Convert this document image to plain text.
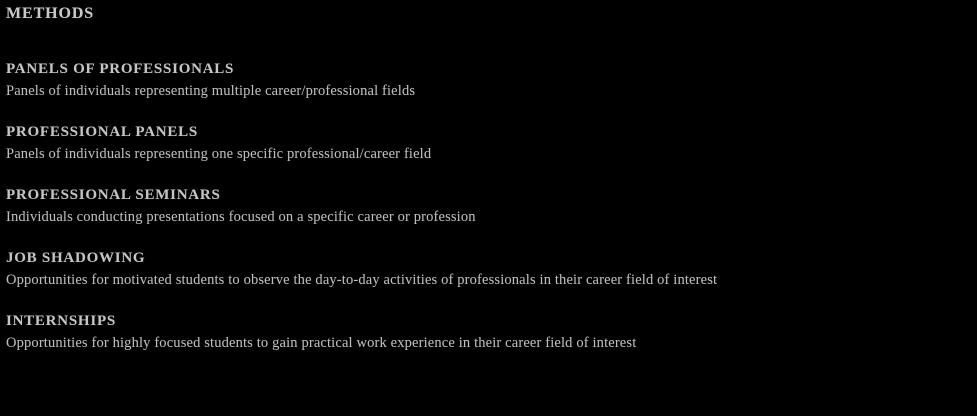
METHODS
PANELS OF PROFESSIONALS

Panels of individuals representing multiple career/professional fields

PROFESSIONAL PANELS

Panels of individuals representing one specific professional/career field

PROFESSIONAL SEMINARS

Individuals conducting presentations focused on a specific career or profession

JOB SHADOWING

Opportunities for motivated students to observe the day-to-day activities of professionals in their career field of interest

INTERNSHIPS

Opportunities for highly focused students to gain practical work experience in their career field of interest
